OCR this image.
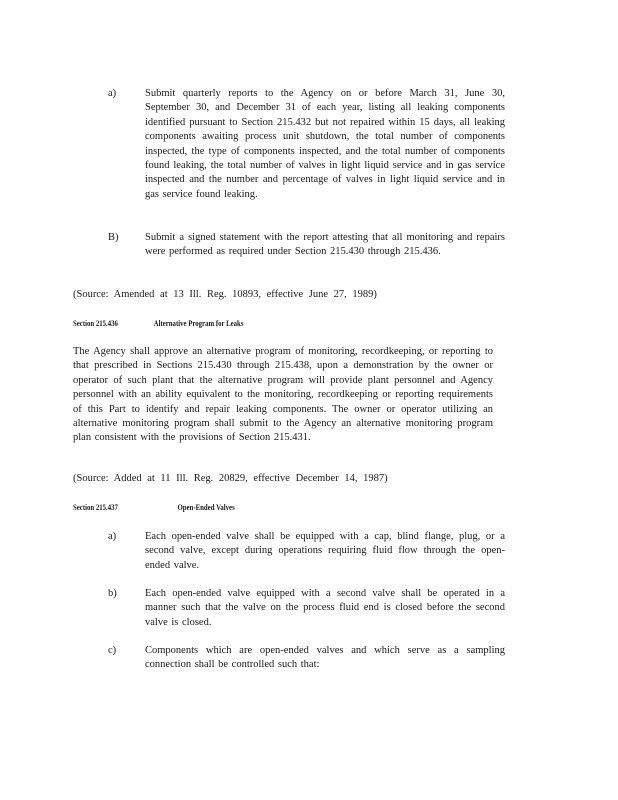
a)	Submit quarterly reports to the Agency on or before March 31, June 30, September 30, and December 31 of each year, listing all leaking components identified pursuant to Section 215.432 but not repaired within 15 days, all leaking components awaiting process unit shutdown, the total number of components inspected, the type of components inspected, and the total number of components found leaking, the total number of valves in light liquid service and in gas service inspected and the number and percentage of valves in light liquid service and in gas service found leaking.
B)	Submit a signed statement with the report attesting that all monitoring and repairs were performed as required under Section 215.430 through 215.436.
(Source: Amended at 13 Ill. Reg. 10893, effective June 27, 1989)
Section 215.436	Alternative Program for Leaks
The Agency shall approve an alternative program of monitoring, recordkeeping, or reporting to that prescribed in Sections 215.430 through 215.438, upon a demonstration by the owner or operator of such plant that the alternative program will provide plant personnel and Agency personnel with an ability equivalent to the monitoring, recordkeeping or reporting requirements of this Part to identify and repair leaking components. The owner or operator utilizing an alternative monitoring program shall submit to the Agency an alternative monitoring program plan consistent with the provisions of Section 215.431.
(Source: Added at 11 Ill. Reg. 20829, effective December 14, 1987)
Section 215.437	Open-Ended Valves
a)	Each open-ended valve shall be equipped with a cap, blind flange, plug, or a second valve, except during operations requiring fluid flow through the open-ended valve.
b)	Each open-ended valve equipped with a second valve shall be operated in a manner such that the valve on the process fluid end is closed before the second valve is closed.
c)	Components which are open-ended valves and which serve as a sampling connection shall be controlled such that:
